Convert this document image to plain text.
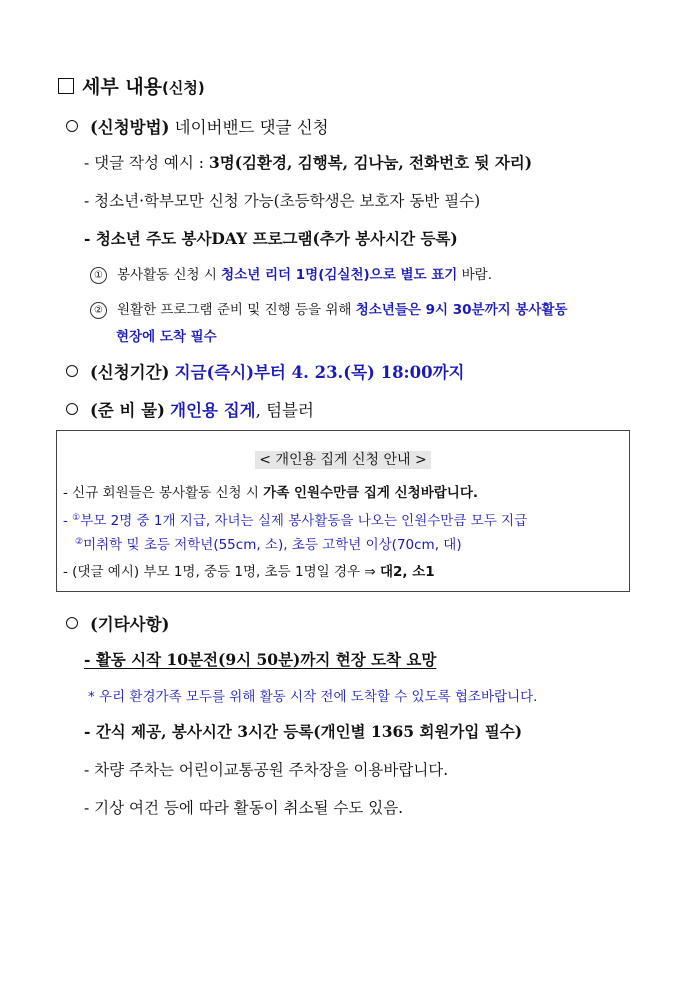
세부 내용(신청)
(신청방법) 네이버밴드 댓글 신청
- 댓글 작성 예시 : 3명(김환경, 김행복, 김나눔, 전화번호 뒷 자리)
- 청소년·학부모만 신청 가능(초등학생은 보호자 동반 필수)
- 청소년 주도 봉사DAY 프로그램(추가 봉사시간 등록)
① 봉사활동 신청 시 청소년 리더 1명(김실천)으로 별도 표기 바람.
② 원활한 프로그램 준비 및 진행 등을 위해 청소년들은 9시 30분까지 봉사활동
현장에 도착 필수
(신청기간) 지금(즉시)부터 4. 23.(목) 18:00까지
(준 비 물) 개인용 집게, 텀블러
< 개인용 집게 신청 안내 >
- 신규 회원들은 봉사활동 신청 시 가족 인원수만큼 집게 신청바랍니다.
- ①부모 2명 중 1개 지급, 자녀는 실제 봉사활동을 나오는 인원수만큼 모두 지급
②미취학 및 초등 저학년(55cm, 소), 초등 고학년 이상(70cm, 대)
- (댓글 예시) 부모 1명, 중등 1명, 초등 1명일 경우 ⇒ 대2, 소1
(기타사항)
- 활동 시작 10분전(9시 50분)까지 현장 도착 요망
* 우리 환경가족 모두를 위해 활동 시작 전에 도착할 수 있도록 협조바랍니다.
- 간식 제공, 봉사시간 3시간 등록(개인별 1365 회원가입 필수)
- 차량 주차는 어린이교통공원 주차장을 이용바랍니다.
- 기상 여건 등에 따라 활동이 취소될 수도 있음.
